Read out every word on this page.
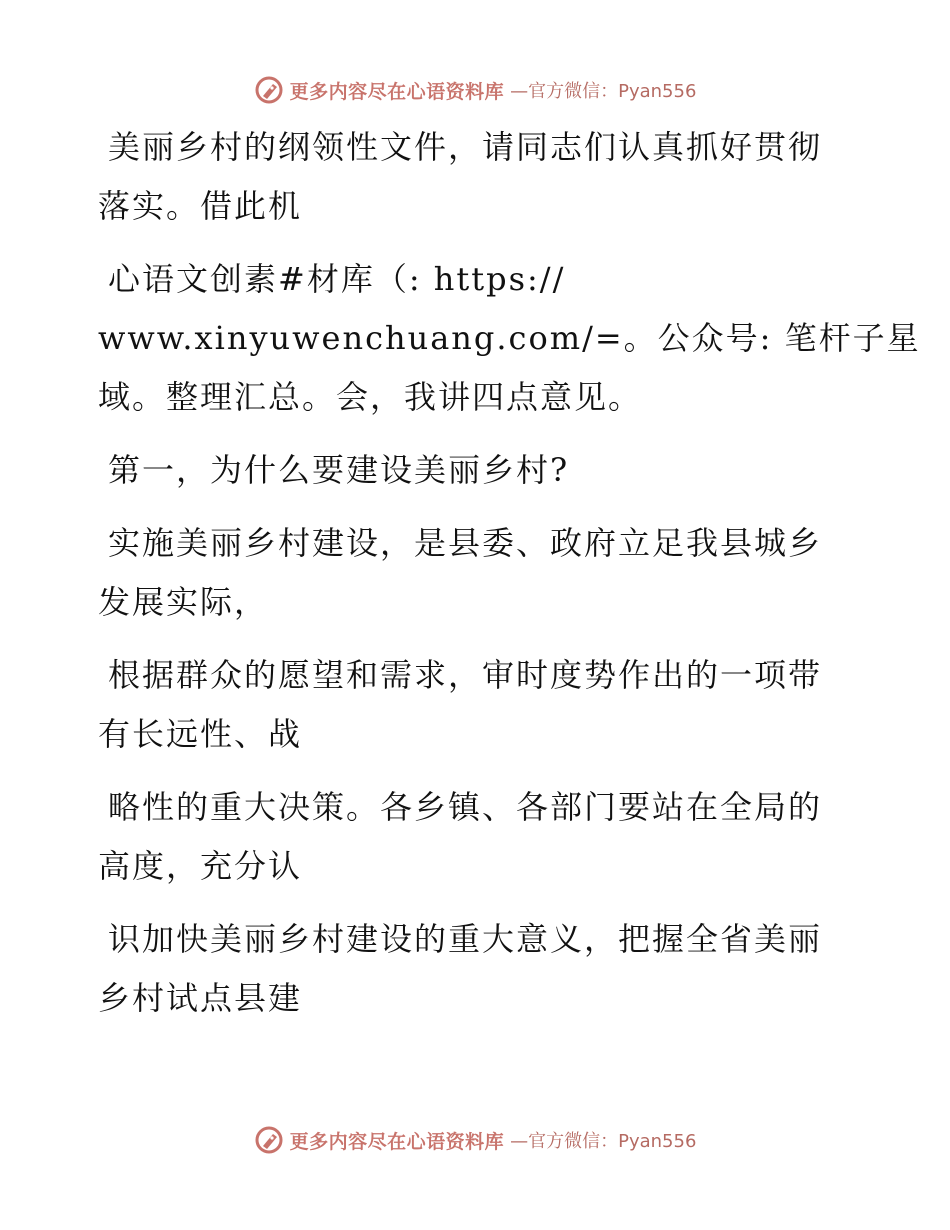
更多内容尽在心语资料库 —官方微信：Pyan556

美丽乡村的纲领性文件，请同志们认真抓好贯彻
落实。借此机

心语文创素#材库（: https://
www.xinyuwenchuang.com/=。公众号: 笔杆子星
域。整理汇总。会，我讲四点意见。

第一，为什么要建设美丽乡村?

实施美丽乡村建设，是县委、政府立足我县城乡
发展实际，

根据群众的愿望和需求，审时度势作出的一项带
有长远性、战

略性的重大决策。各乡镇、各部门要站在全局的
高度，充分认

识加快美丽乡村建设的重大意义，把握全省美丽
乡村试点县建

更多内容尽在心语资料库 —官方微信：Pyan556
